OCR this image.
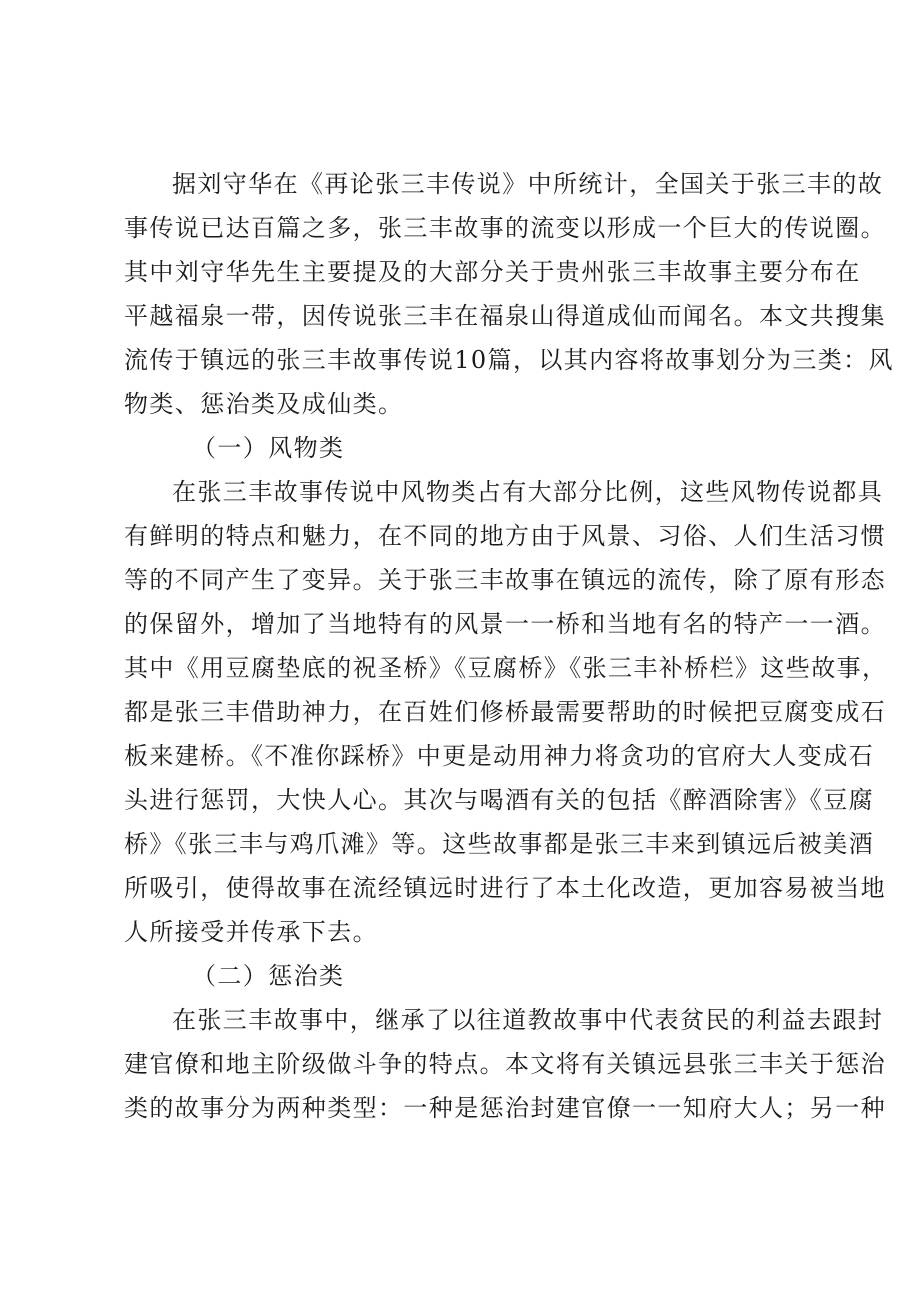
据刘守华在《再论张三丰传说》中所统计，全国关于张三丰的故
事传说已达百篇之多，张三丰故事的流变以形成一个巨大的传说圈。
其中刘守华先生主要提及的大部分关于贵州张三丰故事主要分布在
平越福泉一带，因传说张三丰在福泉山得道成仙而闻名。本文共搜集
流传于镇远的张三丰故事传说10篇，以其内容将故事划分为三类：风
物类、惩治类及成仙类。
（一）风物类
在张三丰故事传说中风物类占有大部分比例，这些风物传说都具
有鲜明的特点和魅力，在不同的地方由于风景、习俗、人们生活习惯
等的不同产生了变异。关于张三丰故事在镇远的流传，除了原有形态
的保留外，增加了当地特有的风景一一桥和当地有名的特产一一酒。
其中《用豆腐垫底的祝圣桥》《豆腐桥》《张三丰补桥栏》这些故事，
都是张三丰借助神力，在百姓们修桥最需要帮助的时候把豆腐变成石
板来建桥。《不准你踩桥》中更是动用神力将贪功的官府大人变成石
头进行惩罚，大快人心。其次与喝酒有关的包括《醉酒除害》《豆腐
桥》《张三丰与鸡爪滩》等。这些故事都是张三丰来到镇远后被美酒
所吸引，使得故事在流经镇远时进行了本土化改造，更加容易被当地
人所接受并传承下去。
（二）惩治类
在张三丰故事中，继承了以往道教故事中代表贫民的利益去跟封
建官僚和地主阶级做斗争的特点。本文将有关镇远县张三丰关于惩治
类的故事分为两种类型：一种是惩治封建官僚一一知府大人；另一种
